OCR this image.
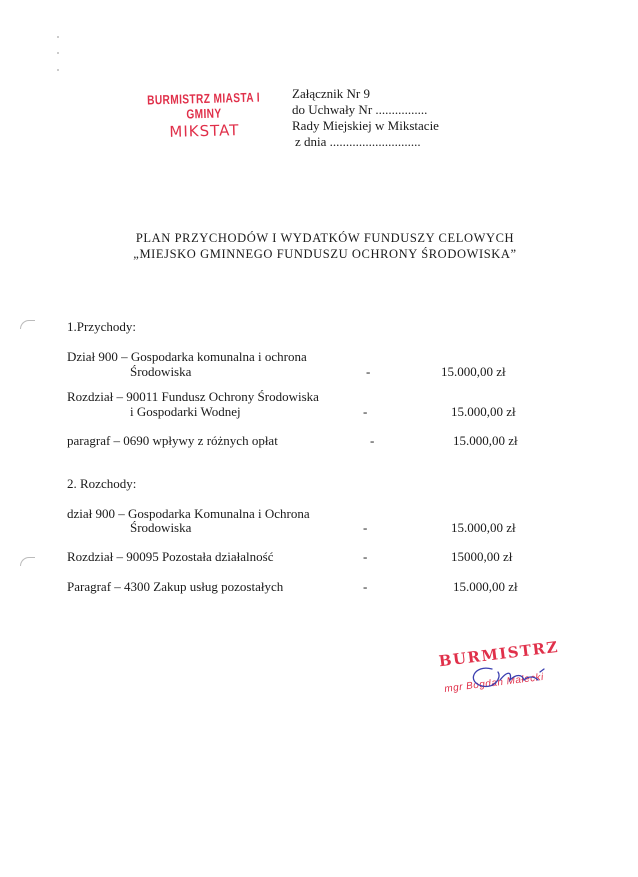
BURMISTRZ MIASTA I GMINY
MIKSTAT
Załącznik Nr 9
do Uchwały Nr ................
Rady Miejskiej w Mikstacie
z dnia ............................
PLAN PRZYCHODÓW I WYDATKÓW FUNDUSZY CELOWYCH
„MIEJSKO GMINNEGO FUNDUSZU OCHRONY ŚRODOWISKA”
1.Przychody:
Dział 900 – Gospodarka komunalna i ochrona
Środowiska	-	15.000,00 zł
Rozdział – 90011 Fundusz Ochrony Środowiska
i Gospodarki Wodnej	-	15.000,00 zł
paragraf – 0690 wpływy z różnych opłat	-	15.000,00 zł
2. Rozchody:
dział 900 – Gospodarka Komunalna i Ochrona
Środowiska	-	15.000,00 zł
Rozdział – 90095 Pozostała działalność	-	15000,00 zł
Paragraf – 4300 Zakup usług pozostałych	-	15.000,00 zł
BURMISTRZ
mgr Bogdan Małecki
